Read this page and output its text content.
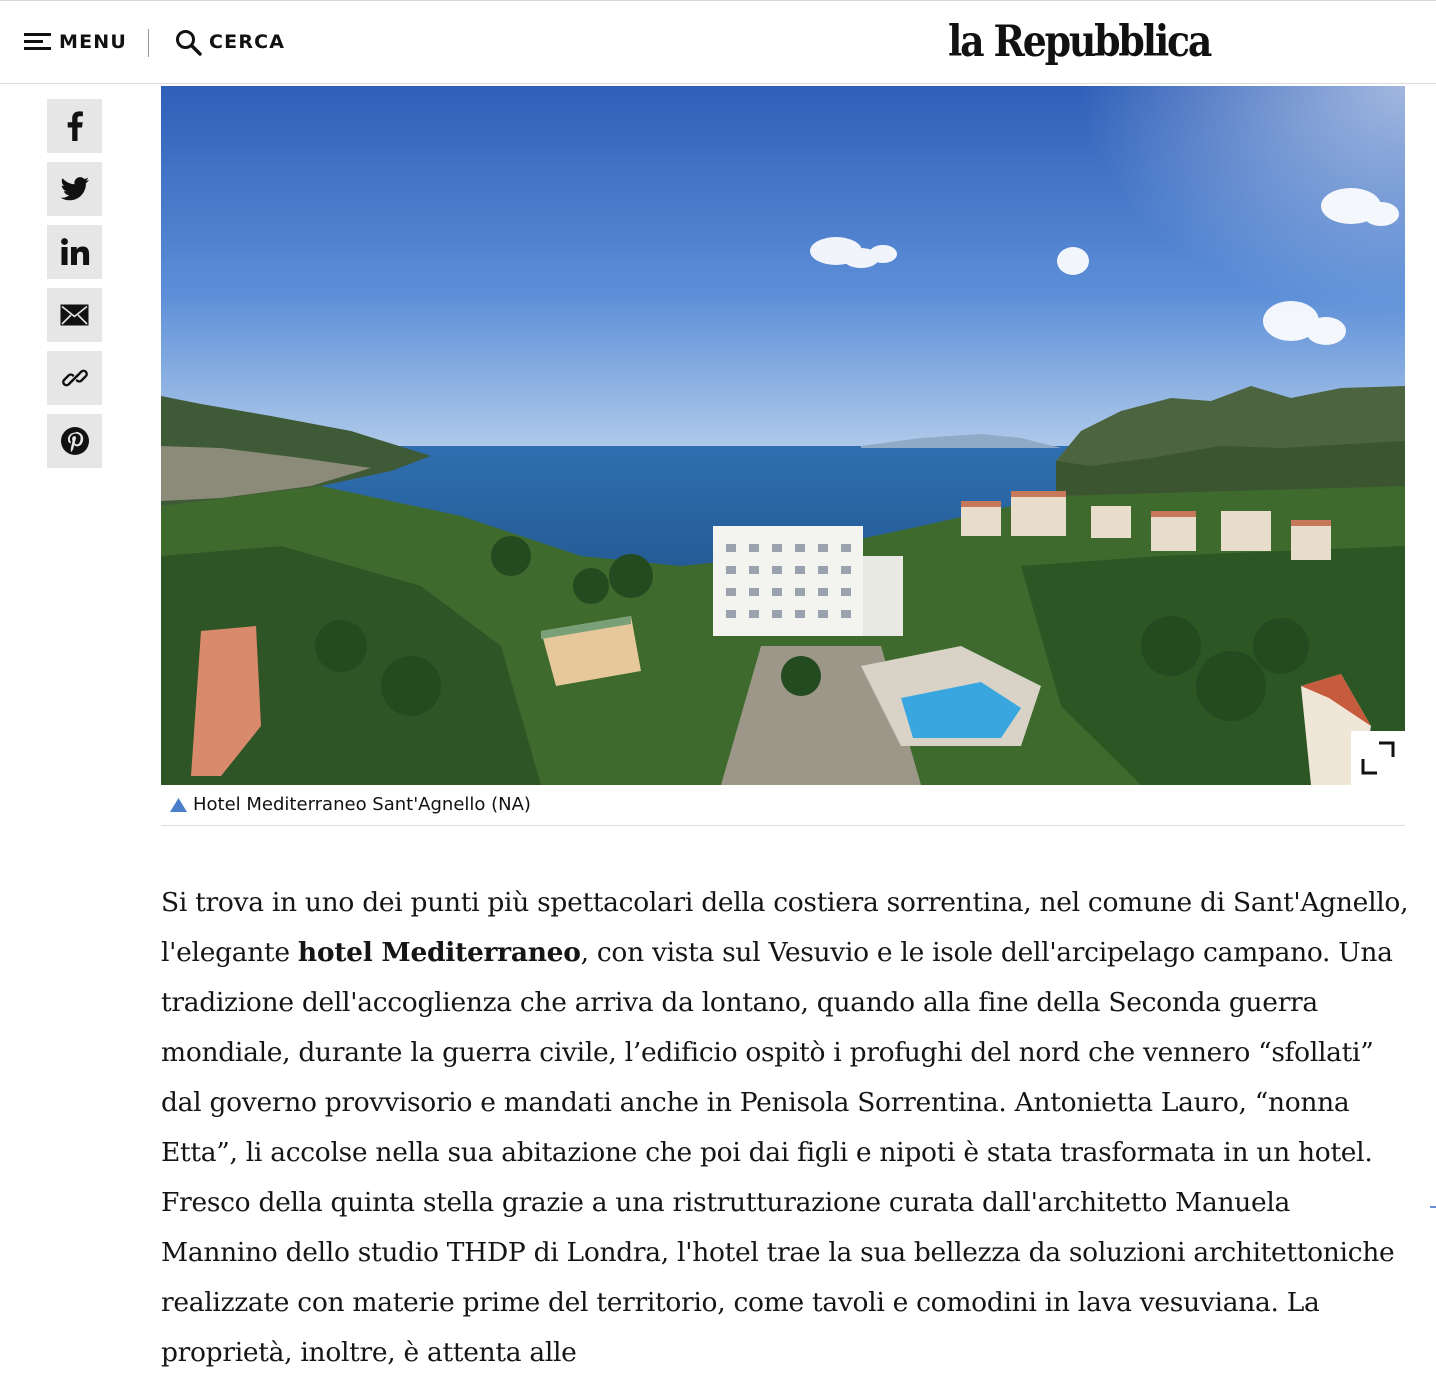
MENU	CERCA	la Repubblica
Hotel Mediterraneo Sant'Agnello (NA)

Si trova in uno dei punti più spettacolari della costiera sorrentina, nel comune di Sant'Agnello, l'elegante hotel Mediterraneo, con vista sul Vesuvio e le isole dell'arcipelago campano. Una tradizione dell'accoglienza che arriva da lontano, quando alla fine della Seconda guerra mondiale, durante la guerra civile, l’edificio ospitò i profughi del nord che vennero “sfollati” dal governo provvisorio e mandati anche in Penisola Sorrentina. Antonietta Lauro, “nonna Etta”, li accolse nella sua abitazione che poi dai figli e nipoti è stata trasformata in un hotel. Fresco della quinta stella grazie a una ristrutturazione curata dall'architetto Manuela Mannino dello studio THDP di Londra, l'hotel trae la sua bellezza da soluzioni architettoniche realizzate con materie prime del territorio, come tavoli e comodini in lava vesuviana. La proprietà, inoltre, è attenta alle
